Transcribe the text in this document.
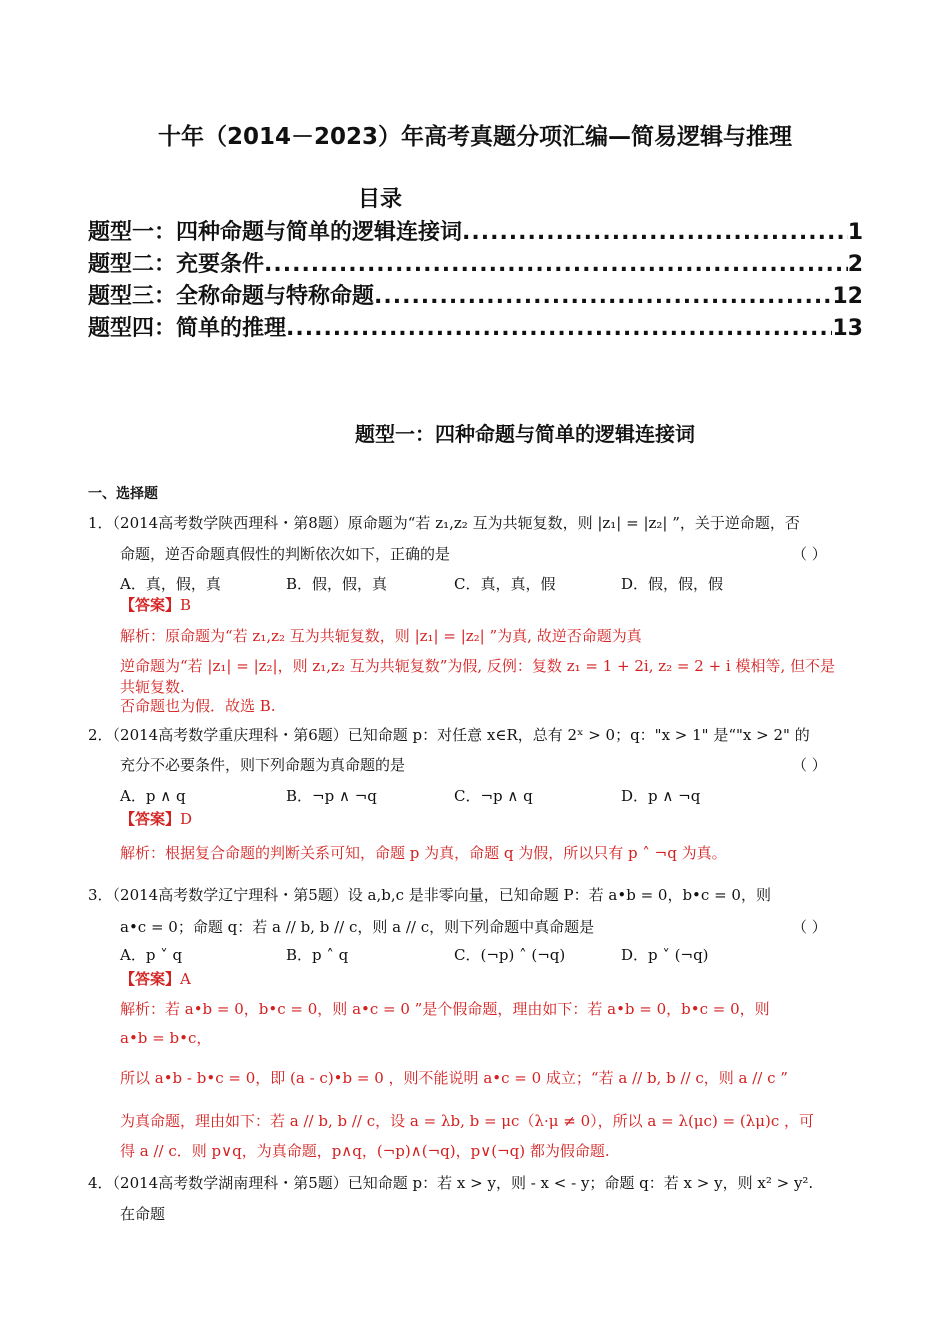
十年（2014－2023）年高考真题分项汇编—简易逻辑与推理
目录
题型一：四种命题与简单的逻辑连接词 .....	1
题型二：充要条件 .....	2
题型三：全称命题与特称命题 .....	12
题型四：简单的推理 .....	13
题型一：四种命题与简单的逻辑连接词
一、选择题
1．（2014高考数学陕西理科・第8题）原命题为“若 z₁,z₂ 互为共轭复数，则 |z₁| = |z₂| ”，关于逆命题，否
命题，逆否命题真假性的判断依次如下，正确的是	（ ）
A．真，假，真	B．假，假，真	C．真，真，假	D．假，假，假
【答案】B
解析：原命题为“若 z₁,z₂ 互为共轭复数，则 |z₁| = |z₂| ”为真, 故逆否命题为真
逆命题为“若 |z₁| = |z₂|，则 z₁,z₂ 互为共轭复数”为假, 反例：复数 z₁ = 1 + 2i, z₂ = 2 + i 模相等, 但不是
共轭复数.
否命题也为假．故选 B.
2．（2014高考数学重庆理科・第6题）已知命题 p：对任意 x∈R，总有 2ˣ > 0；q："x > 1" 是“"x > 2" 的
充分不必要条件，则下列命题为真命题的是	（ ）
A．p ∧ q	B．¬p ∧ ¬q	C．¬p ∧ q	D．p ∧ ¬q
【答案】D
解析：根据复合命题的判断关系可知，命题 p 为真，命题 q 为假，所以只有 p ˄ ¬q 为真。
3．（2014高考数学辽宁理科・第5题）设 a,b,c 是非零向量，已知命题 P：若 a•b = 0，b•c = 0，则
a•c = 0；命题 q：若 a // b, b // c，则 a // c，则下列命题中真命题是	（ ）
A．p ˅ q	B．p ˄ q	C．(¬p) ˄ (¬q)	D．p ˅ (¬q)
【答案】A
解析：若 a•b = 0，b•c = 0，则 a•c = 0 ”是个假命题，理由如下：若 a•b = 0，b•c = 0，则
a•b = b•c，
所以 a•b - b•c = 0，即 (a - c)•b = 0 ，则不能说明 a•c = 0 成立；“若 a // b, b // c，则 a // c ”
为真命题，理由如下：若 a // b, b // c，设 a = λb, b = μc（λ·μ ≠ 0），所以 a = λ(μc) = (λμ)c ，可
得 a // c．则 p∨q，为真命题，p∧q，(¬p)∧(¬q)，p∨(¬q) 都为假命题.
4．（2014高考数学湖南理科・第5题）已知命题 p：若 x > y，则 - x < - y；命题 q：若 x > y，则 x² > y².
在命题
